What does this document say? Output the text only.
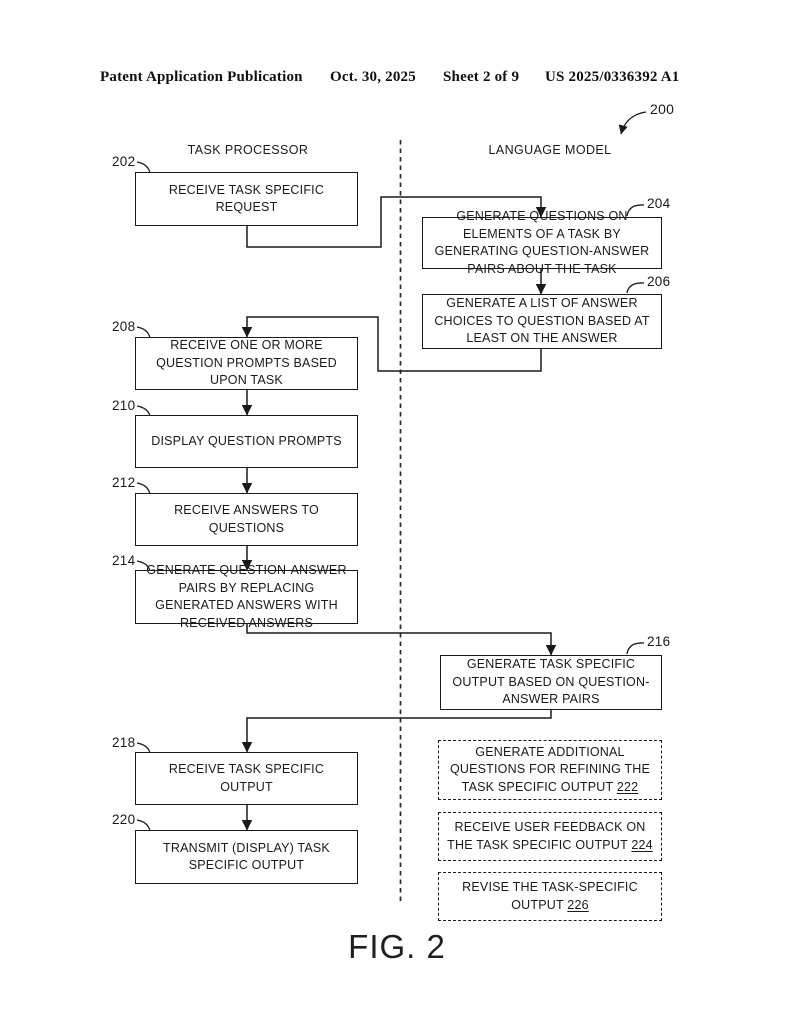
Patent Application Publication Oct. 30, 2025 Sheet 2 of 9 US 2025/0336392 A1
200
TASK PROCESSOR	LANGUAGE MODEL
RECEIVE TASK SPECIFIC REQUEST
RECEIVE ONE OR MORE QUESTION PROMPTS BASED UPON TASK
DISPLAY QUESTION PROMPTS
RECEIVE ANSWERS TO QUESTIONS
GENERATE QUESTION-ANSWER PAIRS BY REPLACING GENERATED ANSWERS WITH RECEIVED ANSWERS
RECEIVE TASK SPECIFIC OUTPUT
TRANSMIT (DISPLAY) TASK SPECIFIC OUTPUT
GENERATE QUESTIONS ON ELEMENTS OF A TASK BY GENERATING QUESTION-ANSWER PAIRS ABOUT THE TASK
GENERATE A LIST OF ANSWER CHOICES TO QUESTION BASED AT LEAST ON THE ANSWER
GENERATE TASK SPECIFIC OUTPUT BASED ON QUESTION-ANSWER PAIRS
GENERATE ADDITIONAL QUESTIONS FOR REFINING THE TASK SPECIFIC OUTPUT 222
RECEIVE USER FEEDBACK ON THE TASK SPECIFIC OUTPUT 224
REVISE THE TASK-SPECIFIC OUTPUT 226
202
208
210
212
214
218
220
204
206
216
FIG. 2
